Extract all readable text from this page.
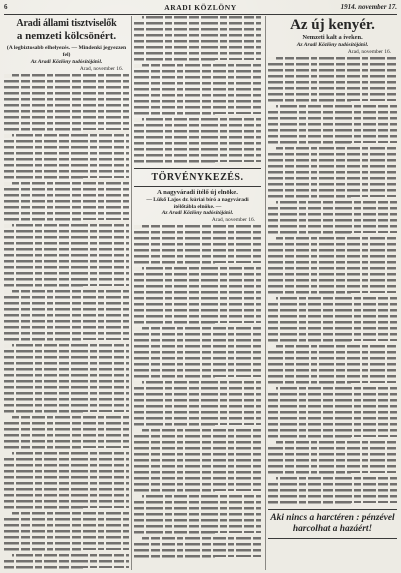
6	ARADI KÖZLÖNY	1914. november 17.
Aradi állami tisztviselők
a nemzeti kölcsönért.
(A legbiztosabb elhelyezés. — Mindenki jegyezzen fel)
Az Aradi Közlöny tudósítójától.
Arad, november 16.
TÖRVÉNYKEZÉS.
A nagyváradi ítélő új elnöke.
— Lükő Lajos dr. kúriai bíró a nagyváradi ítélőtábla elnöke. —
Az Aradi Közlöny tudósítójától.
Arad, november 16.
Az új kenyér.
Nemzeti kalt a íveken.
Az Aradi Közlöny tudósítójától.
Arad, november 16.
Aki nincs a harctéren : pénzével harcolhat a hazáért!
